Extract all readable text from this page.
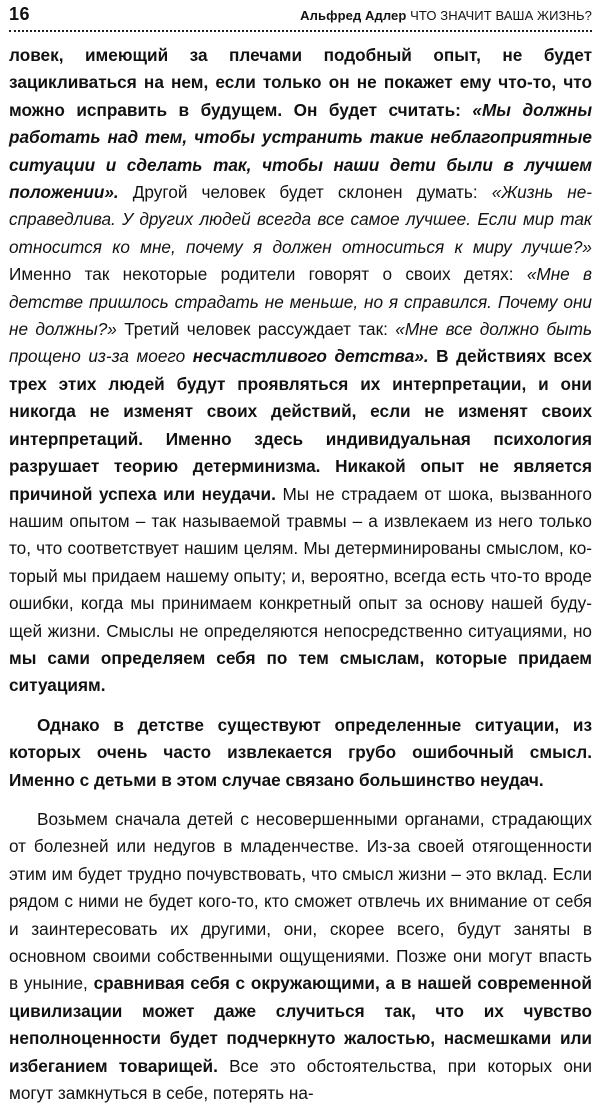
16	Альфред Адлер ЧТО ЗНАЧИТ ВАША ЖИЗНЬ?

ловек, имеющий за плечами подобный опыт, не будет зацикливаться на нем, если только он не покажет ему что-то, что можно исправить в будущем. Он будет считать: «Мы должны работать над тем, чтобы устранить такие неблагоприятные ситуации и сделать так, чтобы наши дети были в лучшем положении». Другой человек будет склонен думать: «Жизнь несправедлива. У других людей всегда все самое лучшее. Если мир так относится ко мне, почему я должен относиться к миру лучше?» Именно так некоторые родители говорят о своих детях: «Мне в детстве пришлось страдать не меньше, но я справился. Почему они не должны?» Третий человек рассуждает так: «Мне все должно быть прощено из-за моего несчастливого детства». В действиях всех трех этих людей будут проявляться их интерпретации, и они никогда не изменят своих действий, если не изменят своих интерпретаций. Именно здесь индивидуальная психология разрушает теорию детерминизма. Никакой опыт не является причиной успеха или неудачи. Мы не страдаем от шока, вызванного нашим опытом – так называемой травмы – а извлекаем из него только то, что соответствует нашим целям. Мы детерминированы смыслом, который мы придаем нашему опыту; и, вероятно, всегда есть что-то вроде ошибки, когда мы принимаем конкретный опыт за основу нашей будущей жизни. Смыслы не определяются непосредственно ситуациями, но мы сами определяем себя по тем смыслам, которые придаем ситуациям.

Однако в детстве существуют определенные ситуации, из которых очень часто извлекается грубо ошибочный смысл. Именно с детьми в этом случае связано большинство неудач.

Возьмем сначала детей с несовершенными органами, страдающих от болезней или недугов в младенчестве. Из-за своей отягощенности этим им будет трудно почувствовать, что смысл жизни – это вклад. Если рядом с ними не будет кого-то, кто сможет отвлечь их внимание от себя и заинтересовать их другими, они, скорее всего, будут заняты в основном своими собственными ощущениями. Позже они могут впасть в уныние, сравнивая себя с окружающими, а в нашей современной цивилизации может даже случиться так, что их чувство неполноценности будет подчеркнуто жалостью, насмешками или избеганием товарищей. Все это обстоятельства, при которых они могут замкнуться в себе, потерять на-
